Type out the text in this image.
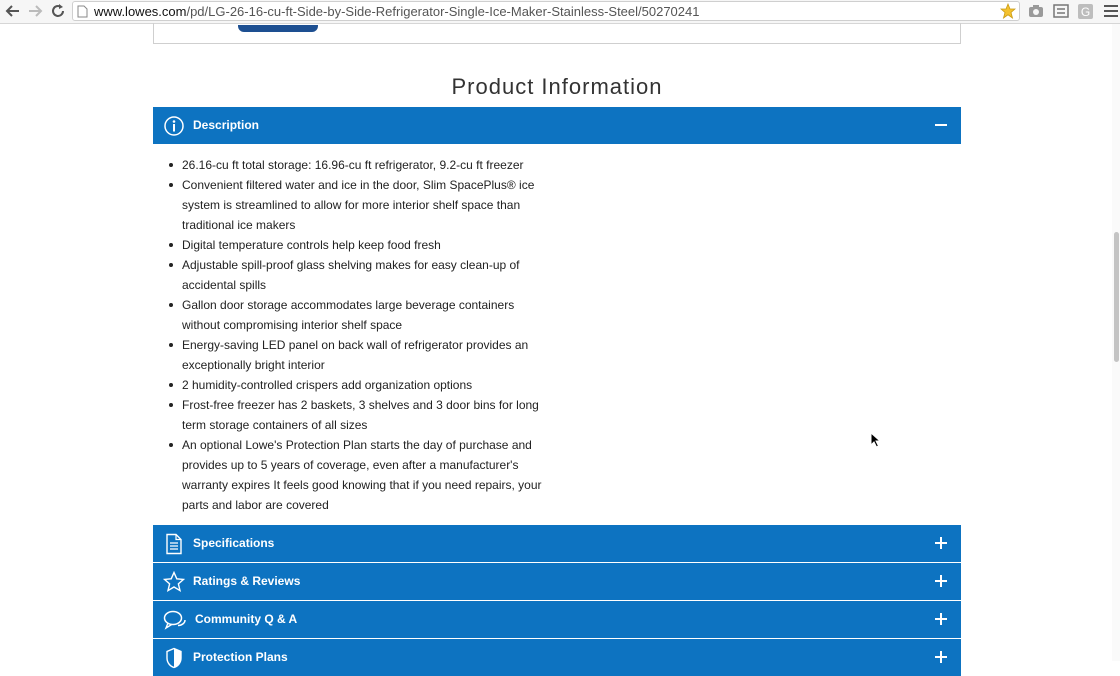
www.lowes.com/pd/LG-26-16-cu-ft-Side-by-Side-Refrigerator-Single-Ice-Maker-Stainless-Steel/50270241	G
Product Information
Description
26.16-cu ft total storage: 16.96-cu ft refrigerator, 9.2-cu ft freezer
Convenient filtered water and ice in the door, Slim SpacePlus® ice system is streamlined to allow for more interior shelf space than traditional ice makers
Digital temperature controls help keep food fresh
Adjustable spill-proof glass shelving makes for easy clean-up of accidental spills
Gallon door storage accommodates large beverage containers without compromising interior shelf space
Energy-saving LED panel on back wall of refrigerator provides an exceptionally bright interior
2 humidity-controlled crispers add organization options
Frost-free freezer has 2 baskets, 3 shelves and 3 door bins for long term storage containers of all sizes
An optional Lowe's Protection Plan starts the day of purchase and provides up to 5 years of coverage, even after a manufacturer's warranty expires It feels good knowing that if you need repairs, your parts and labor are covered
Specifications
Ratings & Reviews
Community Q & A
Protection Plans
